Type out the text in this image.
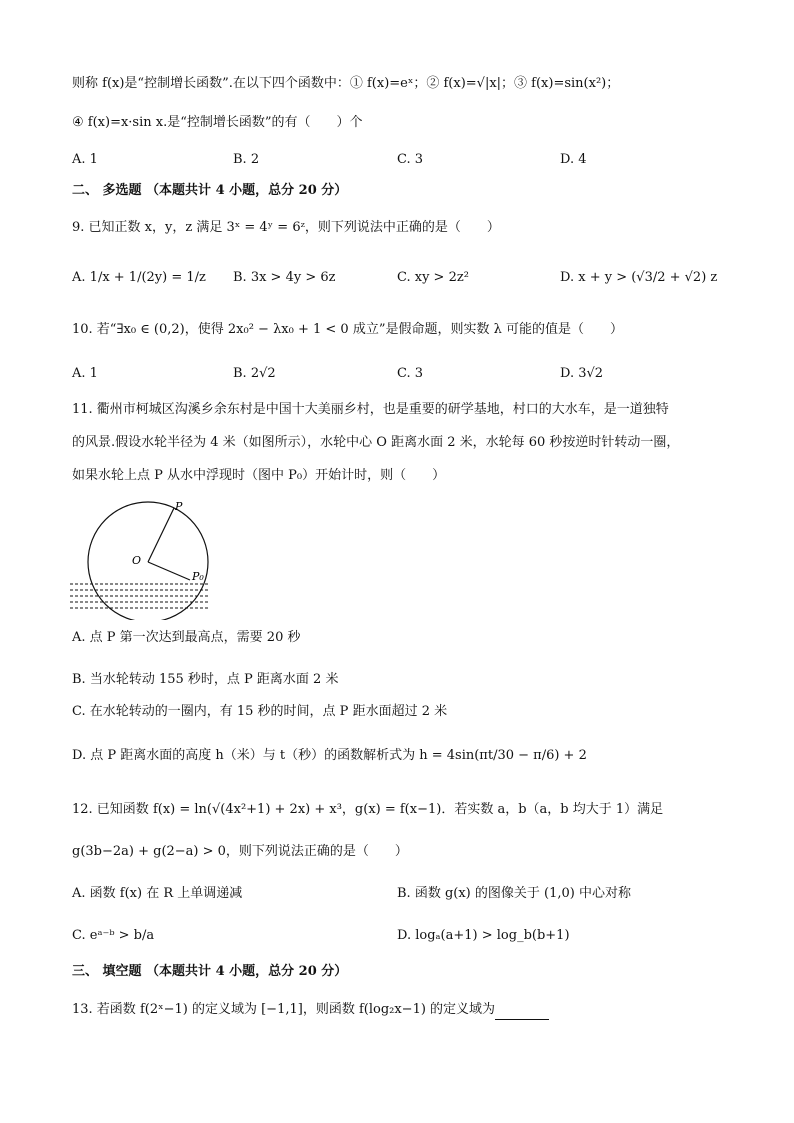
则称 f(x)是“控制增长函数”.在以下四个函数中：① f(x)=eˣ；② f(x)=√|x|；③ f(x)=sin(x²)；
④ f(x)=x·sin x.是“控制增长函数”的有（　　）个
A. 1	B. 2	C. 3	D. 4
二、 多选题 （本题共计 4 小题，总分 20 分）
9. 已知正数 x，y，z 满足 3ˣ = 4ʸ = 6ᶻ，则下列说法中正确的是（　　）
A. 1/x + 1/(2y) = 1/z B. 3x > 4y > 6z	C. xy > 2z²	D. x + y > (√3/2 + √2) z
10. 若“∃x₀ ∈ (0,2)，使得 2x₀² − λx₀ + 1 < 0 成立”是假命题，则实数 λ 可能的值是（　　）
A. 1	B. 2√2	C. 3	D. 3√2
11. 衢州市柯城区沟溪乡余东村是中国十大美丽乡村，也是重要的研学基地，村口的大水车，是一道独特
的风景.假设水轮半径为 4 米（如图所示），水轮中心 O 距离水面 2 米，水轮每 60 秒按逆时针转动一圈，
如果水轮上点 P 从水中浮现时（图中 P₀）开始计时，则（　　）
P
O
P₀
A. 点 P 第一次达到最高点，需要 20 秒
B. 当水轮转动 155 秒时，点 P 距离水面 2 米
C. 在水轮转动的一圈内，有 15 秒的时间，点 P 距水面超过 2 米
D. 点 P 距离水面的高度 h（米）与 t（秒）的函数解析式为 h = 4sin(πt/30 − π/6) + 2
12. 已知函数 f(x) = ln(√(4x²+1) + 2x) + x³，g(x) = f(x−1)．若实数 a，b（a，b 均大于 1）满足
g(3b−2a) + g(2−a) > 0，则下列说法正确的是（　　）
A. 函数 f(x) 在 R 上单调递减	B. 函数 g(x) 的图像关于 (1,0) 中心对称
C. eᵃ⁻ᵇ > b/a	D. logₐ(a+1) > log_b(b+1)
三、 填空题 （本题共计 4 小题，总分 20 分）
13. 若函数 f(2ˣ−1) 的定义域为 [−1,1]，则函数 f(log₂x−1) 的定义域为
